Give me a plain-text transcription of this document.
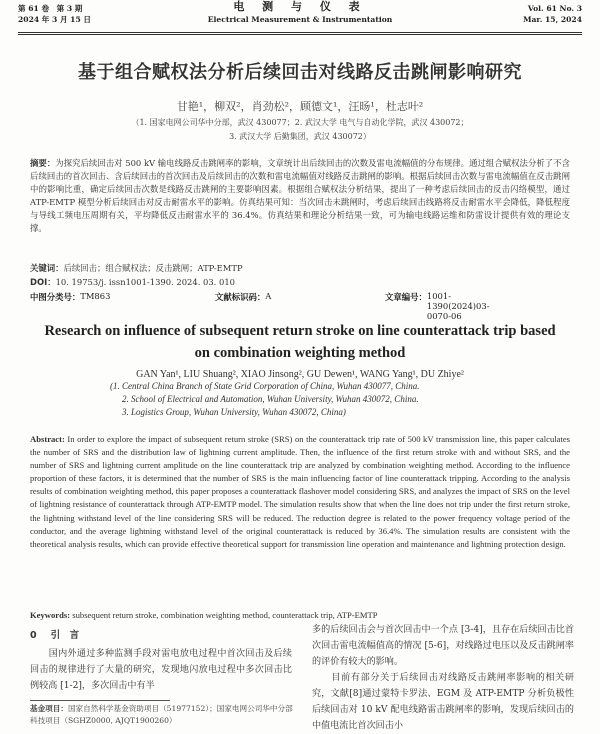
第 61 卷　第 3 期
2024 年 3 月 15 日
电 测 与 仪 表
Electrical Measurement & Instrumentation
Vol. 61 No. 3
Mar. 15, 2024
基于组合赋权法分析后续回击对线路反击跳闸影响研究
甘艳¹，柳双²，肖劲松²，顾德文¹，汪旸¹，杜志叶²
（1. 国家电网公司华中分部，武汉 430077；2. 武汉大学 电气与自动化学院，武汉 430072；
3. 武汉大学 后勤集团，武汉 430072）
摘要：为探究后续回击对 500 kV 输电线路反击跳闸率的影响，文章统计出后续回击的次数及雷电流幅值的分布规律。通过组合赋权法分析了不含后续回击的首次回击、含后续回击的首次回击及后续回击的次数和雷电流幅值对线路反击跳闸的影响。根据后续回击次数与雷电流幅值在反击跳闸中的影响比重，确定后续回击次数是线路反击跳闸的主要影响因素。根据组合赋权法分析结果，提出了一种考虑后续回击的反击闪络模型，通过 ATP-EMTP 模型分析后续回击对反击耐雷水平的影响。仿真结果可知：当次回击未跳闸时，考虑后续回击线路将反击耐雷水平会降低，降低程度与导线工频电压周期有关，平均降低反击耐雷水平的 36.4%。仿真结果和理论分析结果一致，可为输电线路运维和防雷设计提供有效的理论支撑。
关键词：后续回击；组合赋权法；反击跳闸；ATP-EMTP
DOI：10. 19753/j. issn1001-1390. 2024. 03. 010
中图分类号： TM863	文献标识码： A	文章编号： 1001-1390(2024)03-0070-06
Research on influence of subsequent return stroke on line counterattack trip based on combination weighting method
GAN Yan¹, LIU Shuang², XIAO Jinsong², GU Dewen¹, WANG Yang¹, DU Zhiye²
(1. Central China Branch of State Grid Corporation of China, Wuhan 430077, China.
2. School of Electrical and Automation, Wuhan University, Wuhan 430072, China.
3. Logistics Group, Wuhan University, Wuhan 430072, China)
Abstract: In order to explore the impact of subsequent return stroke (SRS) on the counterattack trip rate of 500 kV transmission line, this paper calculates the number of SRS and the distribution law of lightning current amplitude. Then, the influence of the first return stroke with and without SRS, and the number of SRS and lightning current amplitude on the line counterattack trip are analyzed by combination weighting method. According to the influence proportion of these factors, it is determined that the number of SRS is the main influencing factor of line counterattack tripping. According to the analysis results of combination weighting method, this paper proposes a counterattack flashover model considering SRS, and analyzes the impact of SRS on the level of lightning resistance of counterattack through ATP-EMTP model. The simulation results show that when the line does not trip under the first return stroke, the lightning withstand level of the line considering SRS will be reduced. The reduction degree is related to the power frequency voltage period of the conductor, and the average lightning withstand level of the original counterattack is reduced by 36.4%. The simulation results are consistent with the theoretical analysis results, which can provide effective theoretical support for transmission line operation and maintenance and lightning protection design.
Keywords: subsequent return stroke, combination weighting method, counterattack trip, ATP-EMTP
0 引　言
　　国内外通过多种监测手段对雷电放电过程中首次回击及后续回击的规律进行了大量的研究，发现地闪放电过程中多次回击比例较高 [1-2]，多次回击中有半
多的后续回击会与首次回击中一个点 [3-4]，且存在后续回击比首次回击雷电流幅值高的情况 [5-6]，对线路过电压以及反击跳闸率的评价有较大的影响。
　　目前有部分关于后续回击对线路反击跳闸率影响的相关研究，文献[8]通过蒙特卡罗法、EGM 及 ATP-EMTP 分析负极性后续回击对 10 kV 配电线路雷击跳闸率的影响，发现后续回击的中值电流比首次回击小
基金项目：国家自然科学基金资助项目（51977152）；国家电网公司华中分部科技项目（SGHZ0000, AJQT1900260）
